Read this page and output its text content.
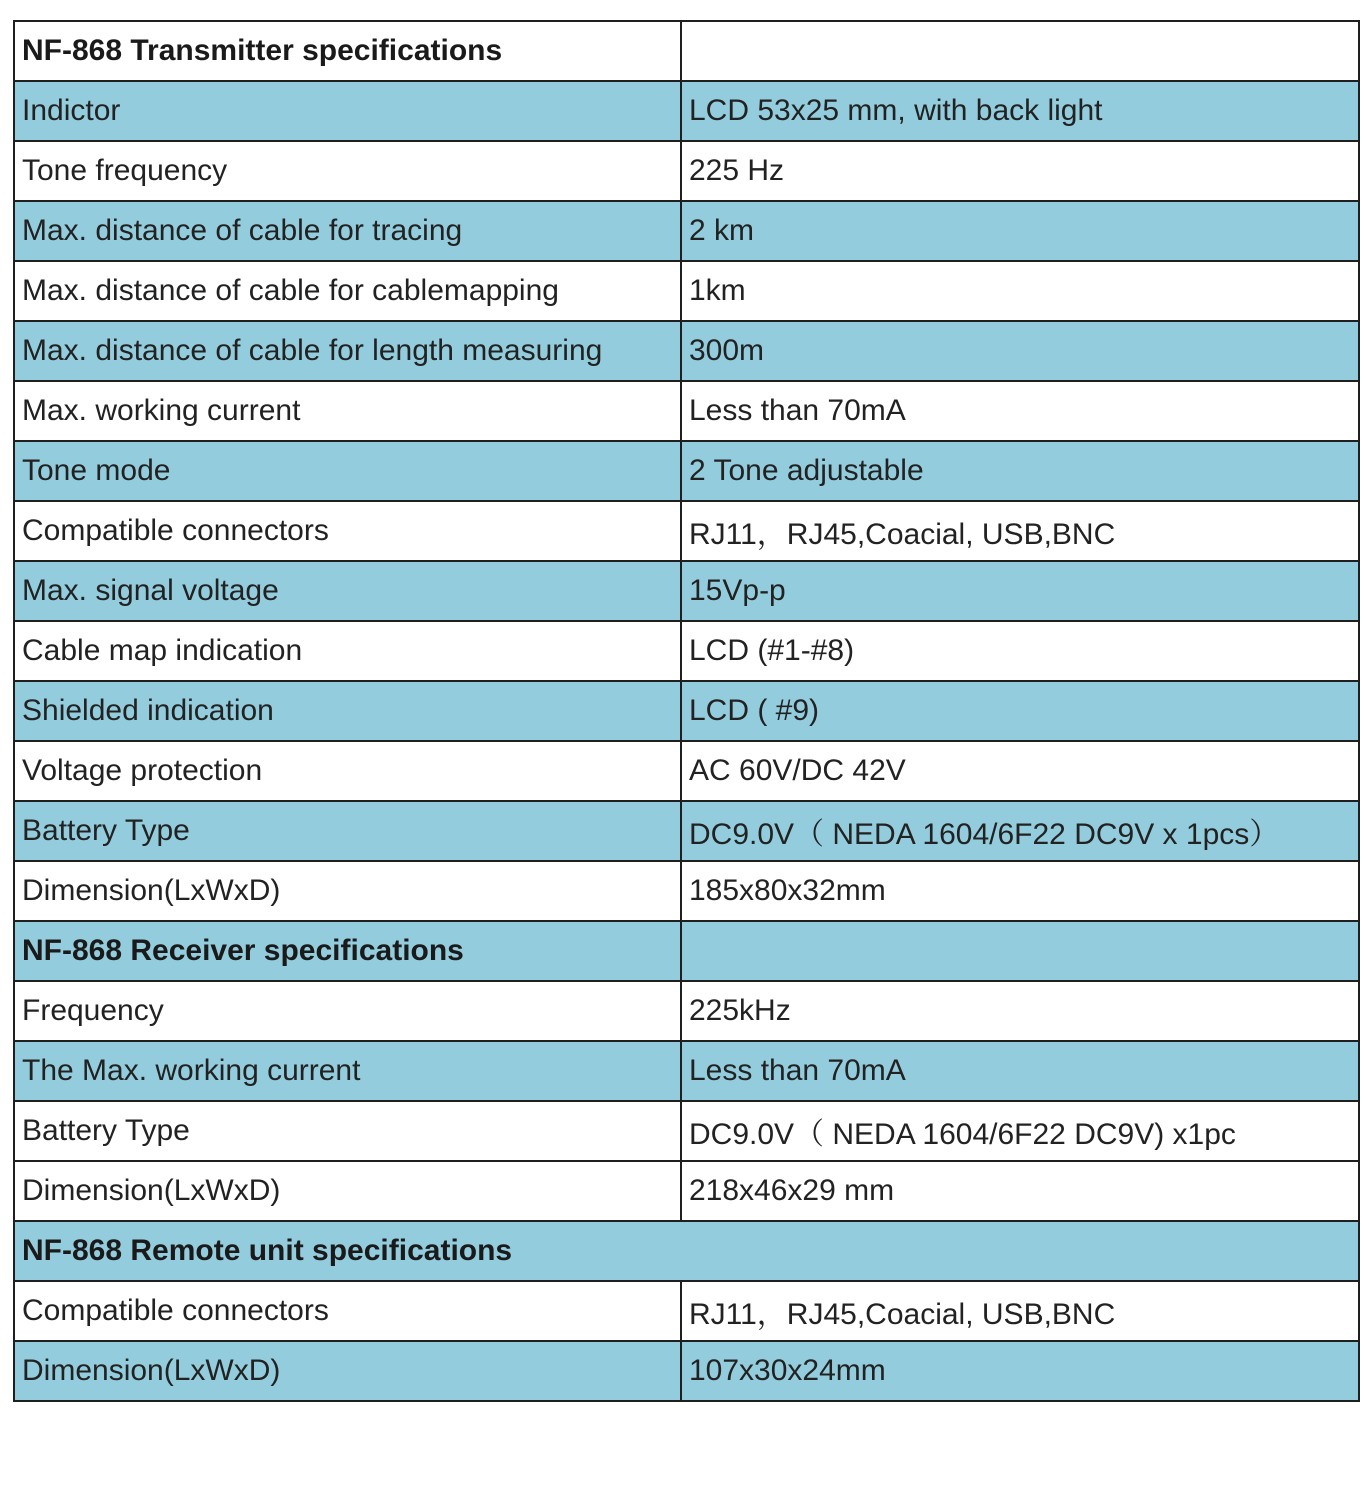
NF-868 Transmitter specifications	
Indictor	LCD 53x25 mm, with back light
Tone frequency	225 Hz
Max. distance of cable for tracing	2 km
Max. distance of cable for cablemapping	1km
Max. distance of cable for length measuring	300m
Max. working current	Less than 70mA
Tone mode	2 Tone adjustable
Compatible connectors	RJ11，RJ45,Coacial, USB,BNC
Max. signal voltage	15Vp-p
Cable map indication	LCD (#1-#8)
Shielded indication	LCD ( #9)
Voltage protection	AC 60V/DC 42V
Battery Type	DC9.0V（ NEDA 1604/6F22 DC9V x 1pcs）
Dimension(LxWxD)	185x80x32mm
NF-868 Receiver specifications	
Frequency	225kHz
The Max. working current	Less than 70mA
Battery Type	DC9.0V（ NEDA 1604/6F22 DC9V) x1pc
Dimension(LxWxD)	218x46x29 mm
NF-868 Remote unit specifications	
Compatible connectors	RJ11，RJ45,Coacial, USB,BNC
Dimension(LxWxD)	107x30x24mm
